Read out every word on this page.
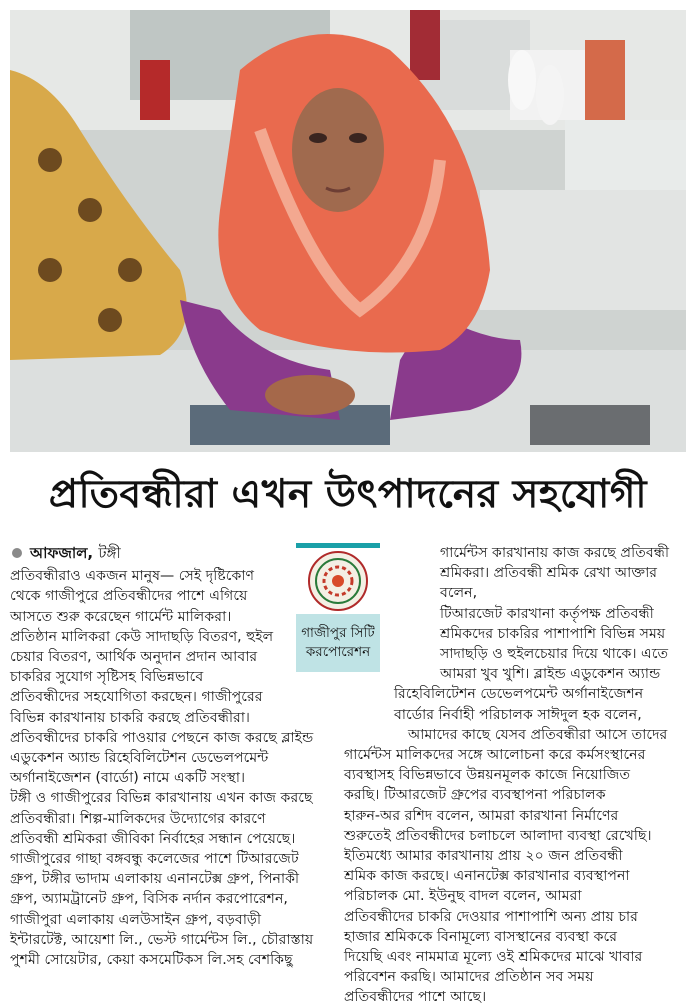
প্রতিবন্ধীরা এখন উৎপাদনের সহযোগী

আফজাল,
টঙ্গী

প্রতিবন্ধীরাও একজন মানুষ— সেই দৃষ্টিকোণ

থেকে গাজীপুরে প্রতিবন্ধীদের পাশে এগিয়ে

আসতে শুরু করেছেন গার্মেন্ট মালিকরা।

প্রতিষ্ঠান মালিকরা কেউ সাদাছড়ি বিতরণ, হুইল

চেয়ার বিতরণ, আর্থিক অনুদান প্রদান আবার

চাকরির সুযোগ সৃষ্টিসহ বিভিন্নভাবে

প্রতিবন্ধীদের সহযোগিতা করছেন। গাজীপুরের

বিভিন্ন কারখানায় চাকরি করছে প্রতিবন্ধীরা।

প্রতিবন্ধীদের চাকরি পাওয়ার পেছনে কাজ করছে ব্লাইন্ড

এডুকেশন অ্যান্ড রিহেবিলিটেশন ডেভেলপমেন্ট

অর্গানাইজেশন (বার্ডো) নামে একটি সংস্থা।

টঙ্গী ও গাজীপুরের বিভিন্ন কারখানায় এখন কাজ করছে

প্রতিবন্ধীরা। শিল্প-মালিকদের উদ্যোগের কারণে

প্রতিবন্ধী শ্রমিকরা জীবিকা নির্বাহের সন্ধান পেয়েছে।

গাজীপুরের গাছা বঙ্গবন্ধু কলেজের পাশে টিআরজেট

গ্রুপ, টঙ্গীর ভাদাম এলাকায় এনানটেক্স গ্রুপ, পিনাকী

গ্রুপ, অ্যামট্রানেট গ্রুপ, বিসিক নর্দান করপোরেশন,

গাজীপুরা এলাকায় এলউসাইন গ্রুপ, বড়বাড়ী

ইন্টারটেক্ট, আয়েশা লি., ভেস্ট গার্মেন্টস লি., চৌরাস্তায়

পুশমী সোয়েটার, কেয়া কসমেটিকস লি.সহ বেশকিছু

গাজীপুর সিটি
করপোরেশন

গার্মেন্টস কারখানায় কাজ করছে প্রতিবন্ধী

শ্রমিকরা। প্রতিবন্ধী শ্রমিক রেখা আক্তার বলেন,

টিআরজেট কারখানা কর্তৃপক্ষ প্রতিবন্ধী

শ্রমিকদের চাকরির পাশাপাশি বিভিন্ন সময়

সাদাছড়ি ও হুইলচেয়ার দিয়ে থাকে। এতে

আমরা খুব খুশি। ব্লাইন্ড এডুকেশন অ্যান্ড

রিহেবিলিটেশন ডেভেলপমেন্ট অর্গানাইজেশন

বার্ডোর নির্বাহী পরিচালক সাঈদুল হক বলেন,

আমাদের কাছে যেসব প্রতিবন্ধীরা আসে তাদের

গার্মেন্টস মালিকদের সঙ্গে আলোচনা করে কর্মসংস্থানের

ব্যবস্থাসহ বিভিন্নভাবে উন্নয়নমূলক কাজে নিয়োজিত

করছি। টিআরজেট গ্রুপের ব্যবস্থাপনা পরিচালক

হারুন-অর রশিদ বলেন, আমরা কারখানা নির্মাণের

শুরুতেই প্রতিবন্ধীদের চলাচলে আলাদা ব্যবস্থা রেখেছি।

ইতিমধ্যে আমার কারখানায় প্রায় ২০ জন প্রতিবন্ধী

শ্রমিক কাজ করছে। এনানটেক্স কারখানার ব্যবস্থাপনা

পরিচালক মো. ইউনুছ বাদল বলেন, আমরা

প্রতিবন্ধীদের চাকরি দেওয়ার পাশাপাশি অন্য প্রায় চার

হাজার শ্রমিককে বিনামূল্যে বাসস্থানের ব্যবস্থা করে

দিয়েছি এবং নামমাত্র মূল্যে ওই শ্রমিকদের মাঝে খাবার

পরিবেশন করছি। আমাদের প্রতিষ্ঠান সব সময়

প্রতিবন্ধীদের পাশে আছে।
